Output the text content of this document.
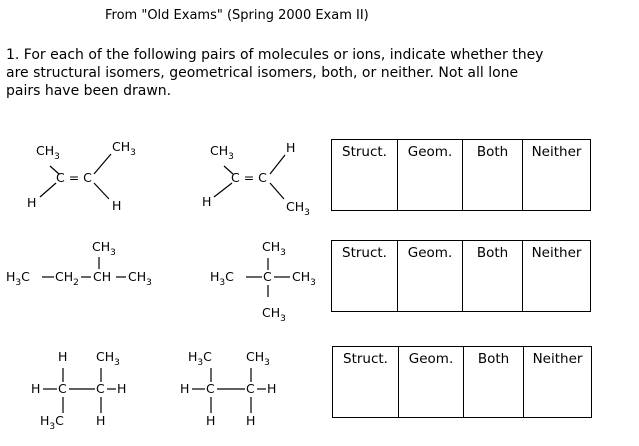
From "Old Exams" (Spring 2000 Exam II)
1. For each of the following pairs of molecules or ions, indicate whether they
are structural isomers, geometrical isomers, both, or neither. Not all lone
pairs have been drawn.
$CH_3$
$CH_3$
C = C
H	H
$CH_3$
H
C = C
H	$CH_3$
$H_3C$ $CH_2$ CH
$CH_3$
$CH_3$	$H_3C$ C
$CH_3$
$CH_3$
$CH_3$
H $CH_3$
H C C H
$H_3C$	H
$H_3C$	$CH_3$
H C	C H
H H
Struct.	Geom.	Both	Neither
Struct.	Geom.	Both	Neither
Struct.	Geom.	Both	Neither
